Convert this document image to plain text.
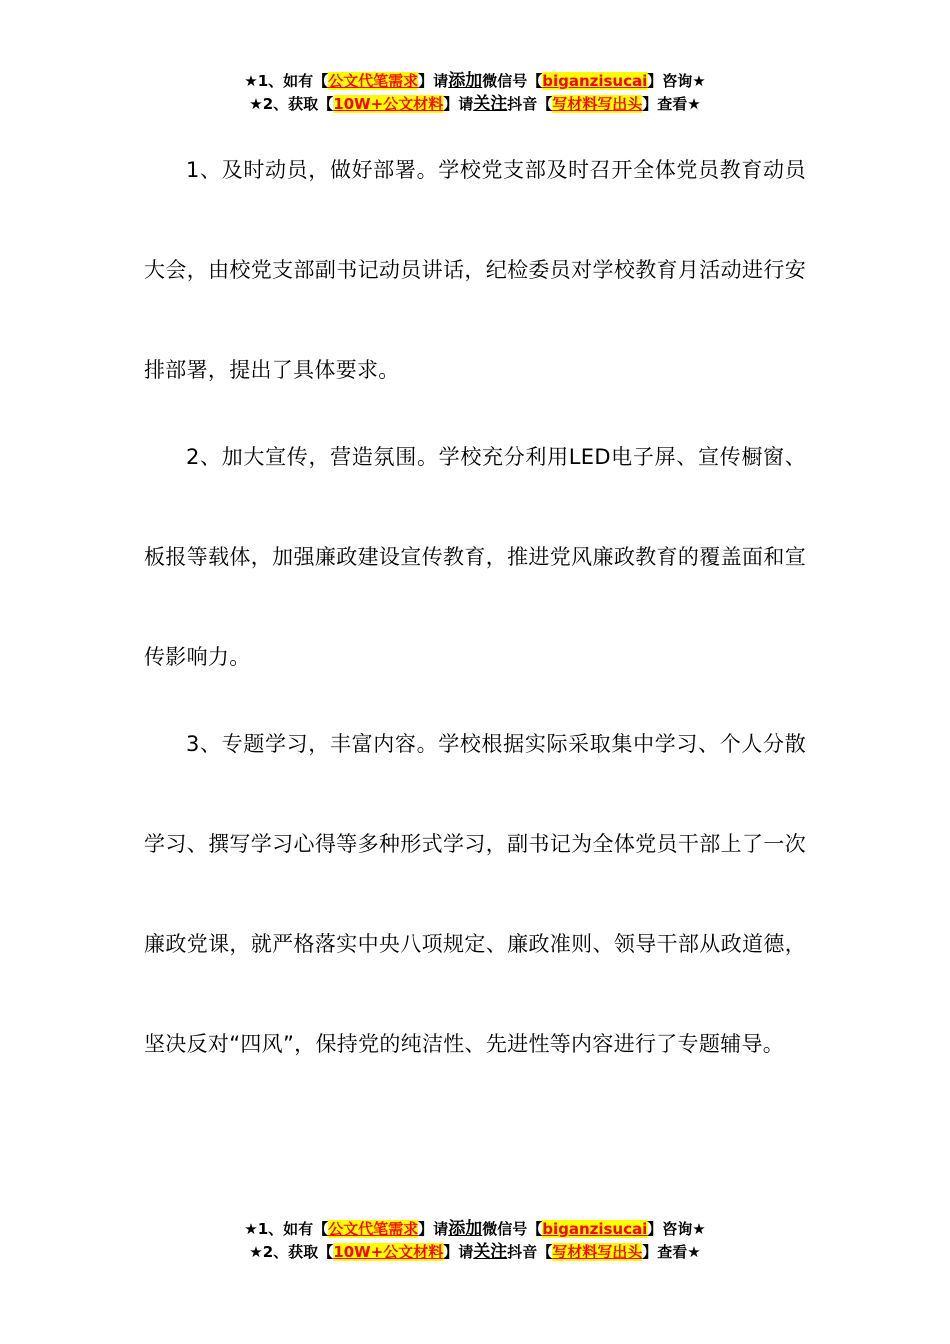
★1、如有【公文代笔需求】请添加微信号【biganzisucai】咨询★
★2、获取【10W+公文材料】请关注抖音【写材料写出头】查看★

1、及时动员，做好部署。学校党支部及时召开全体党员教育动员大会，由校党支部副书记动员讲话，纪检委员对学校教育月活动进行安排部署，提出了具体要求。

2、加大宣传，营造氛围。学校充分利用LED电子屏、宣传橱窗、板报等载体，加强廉政建设宣传教育，推进党风廉政教育的覆盖面和宣传影响力。

3、专题学习，丰富内容。学校根据实际采取集中学习、个人分散学习、撰写学习心得等多种形式学习，副书记为全体党员干部上了一次廉政党课，就严格落实中央八项规定、廉政准则、领导干部从政道德，坚决反对“四风”，保持党的纯洁性、先进性等内容进行了专题辅导。

★1、如有【公文代笔需求】请添加微信号【biganzisucai】咨询★
★2、获取【10W+公文材料】请关注抖音【写材料写出头】查看★
